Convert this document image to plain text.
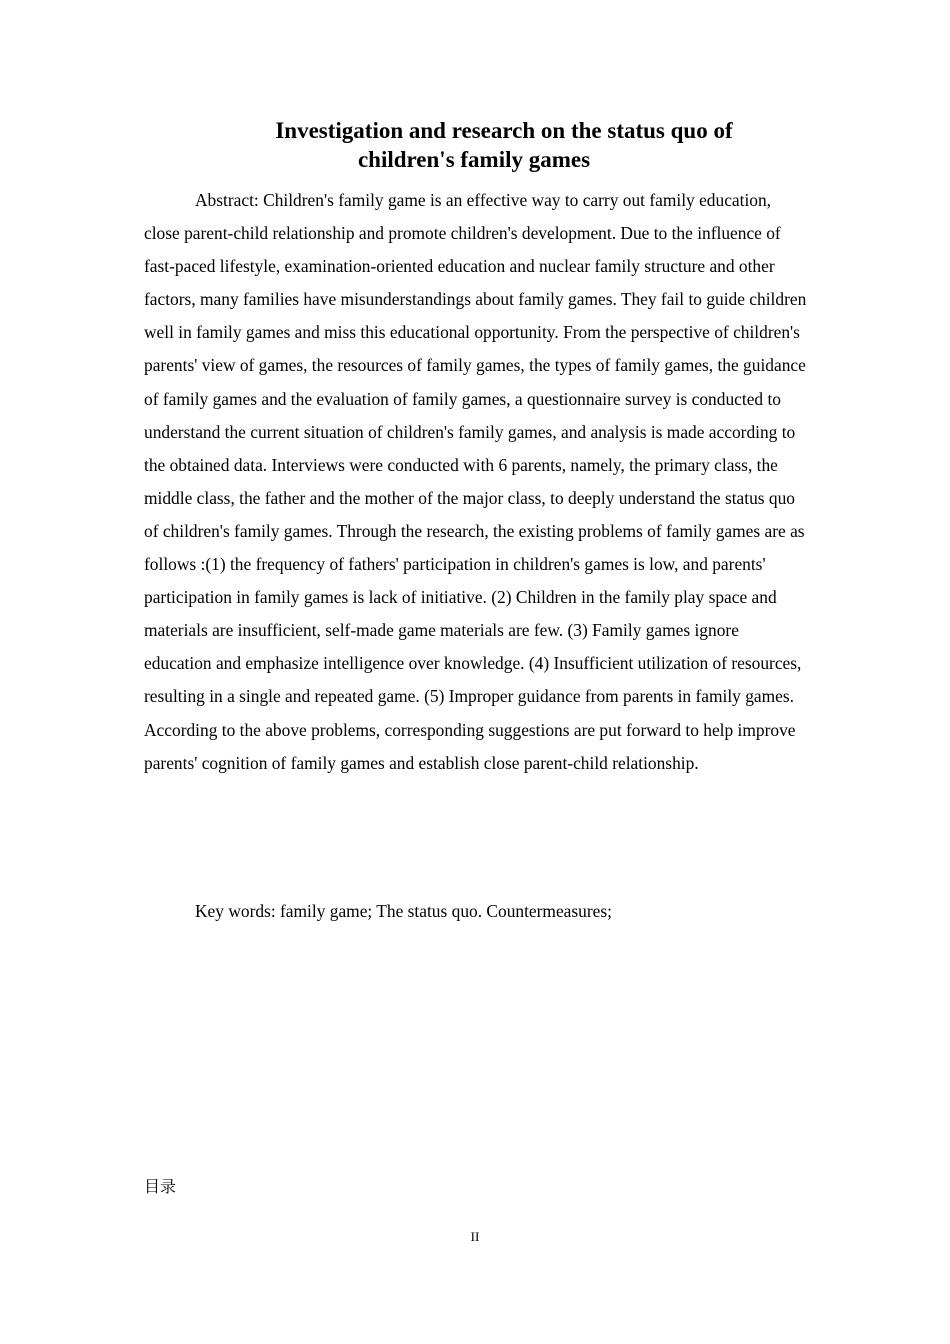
Investigation and research on the status quo of
children's family games

Abstract: Children's family game is an effective way to carry out family education, close parent-child relationship and promote children's development. Due to the influence of fast-paced lifestyle, examination-oriented education and nuclear family structure and other factors, many families have misunderstandings about family games. They fail to guide children well in family games and miss this educational opportunity. From the perspective of children's parents' view of games, the resources of family games, the types of family games, the guidance of family games and the evaluation of family games, a questionnaire survey is conducted to understand the current situation of children's family games, and analysis is made according to the obtained data. Interviews were conducted with 6 parents, namely, the primary class, the middle class, the father and the mother of the major class, to deeply understand the status quo of children's family games. Through the research, the existing problems of family games are as follows :(1) the frequency of fathers' participation in children's games is low, and parents' participation in family games is lack of initiative. (2) Children in the family play space and materials are insufficient, self-made game materials are few. (3) Family games ignore education and emphasize intelligence over knowledge. (4) Insufficient utilization of resources, resulting in a single and repeated game. (5) Improper guidance from parents in family games. According to the above problems, corresponding suggestions are put forward to help improve parents' cognition of family games and establish close parent-child relationship.

Key words: family game; The status quo. Countermeasures;

目录

II
